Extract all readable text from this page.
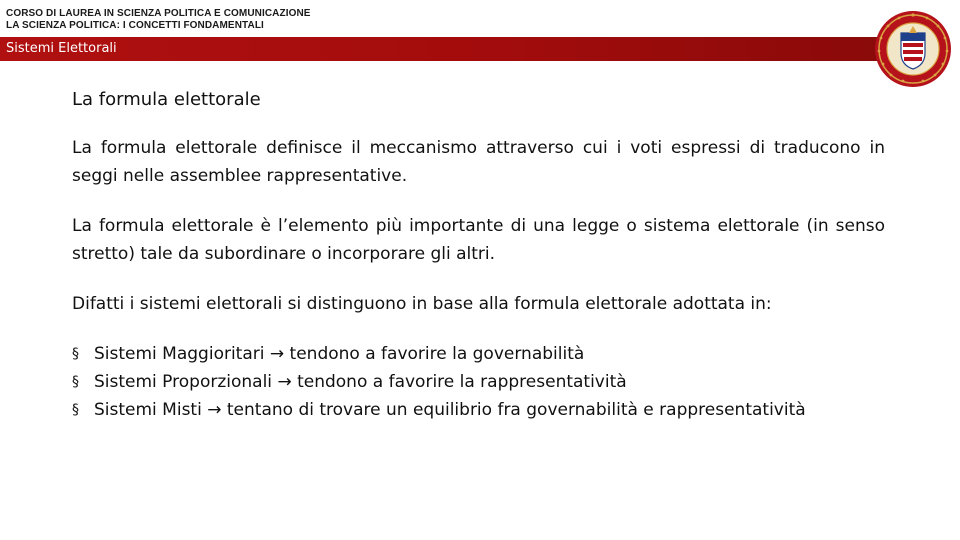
CORSO DI LAUREA IN SCIENZA POLITICA E COMUNICAZIONE
LA SCIENZA POLITICA: I CONCETTI FONDAMENTALI
Sistemi Elettorali
La formula elettorale

La formula elettorale definisce il meccanismo attraverso cui i voti espressi di traducono in seggi nelle assemblee rappresentative.

La formula elettorale è l’elemento più importante di una legge o sistema elettorale (in senso stretto) tale da subordinare o incorporare gli altri.

Difatti i sistemi elettorali si distinguono in base alla formula elettorale adottata in:

§ Sistemi Maggioritari → tendono a favorire la governabilità
§ Sistemi Proporzionali → tendono a favorire la rappresentatività
§ Sistemi Misti → tentano di trovare un equilibrio fra governabilità e rappresentatività
